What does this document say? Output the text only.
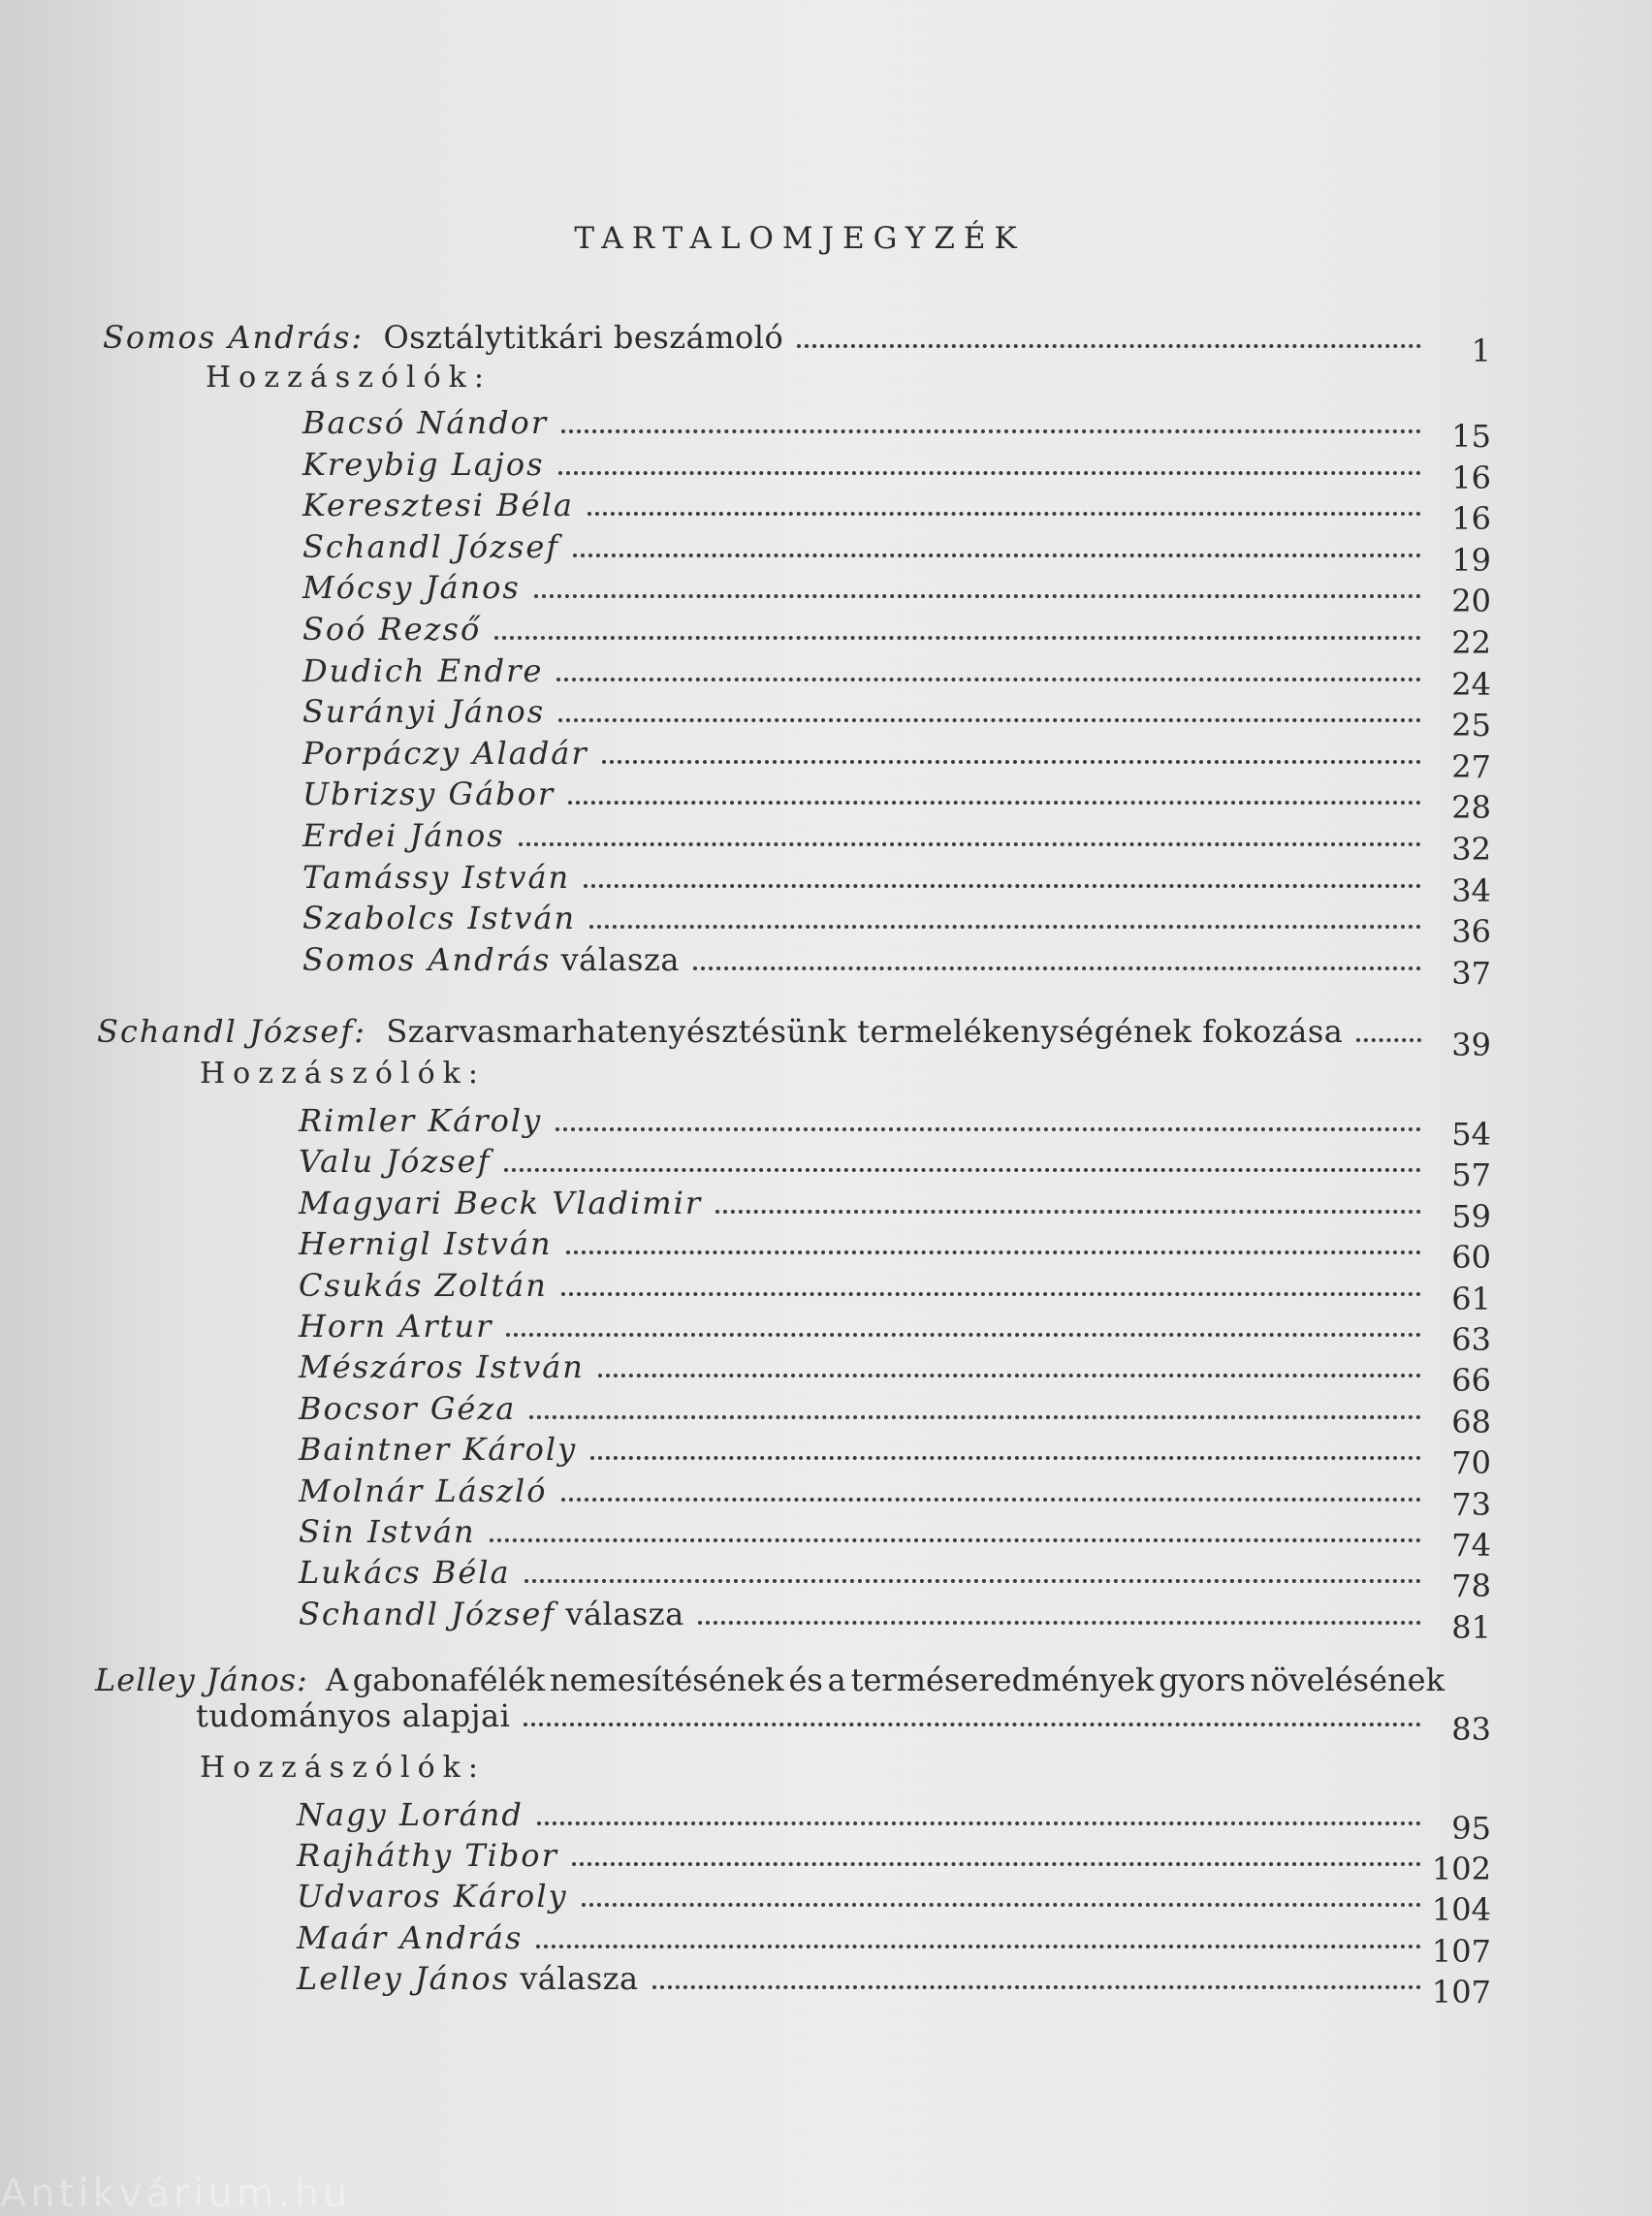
TARTALOMJEGYZÉK
Somos András: Osztálytitkári beszámoló	1
Hozzászólók:
Bacsó Nándor	15
Kreybig Lajos	16
Keresztesi Béla	16
Schandl József	19
Mócsy János	20
Soó Rezső	22
Dudich Endre	24
Surányi János	25
Porpáczy Aladár	27
Ubrizsy Gábor	28
Erdei János	32
Tamássy István	34
Szabolcs István	36
Somos András válasza	37
Schandl József: Szarvasmarhatenyésztésünk termelékenységének fokozása	39
Hozzászólók:
Rimler Károly	54
Valu József	57
Magyari Beck Vladimir	59
Hernigl István	60
Csukás Zoltán	61
Horn Artur	63
Mészáros István	66
Bocsor Géza	68
Baintner Károly	70
Molnár László	73
Sin István	74
Lukács Béla	78
Schandl József válasza	81
Lelley János: A gabonafélék nemesítésének és a terméseredmények gyors növelésének
tudományos alapjai	83
Hozzászólók:
Nagy Loránd	95
Rajháthy Tibor	102
Udvaros Károly	104
Maár András	107
Lelley János válasza	107
Antikvárium.hu
